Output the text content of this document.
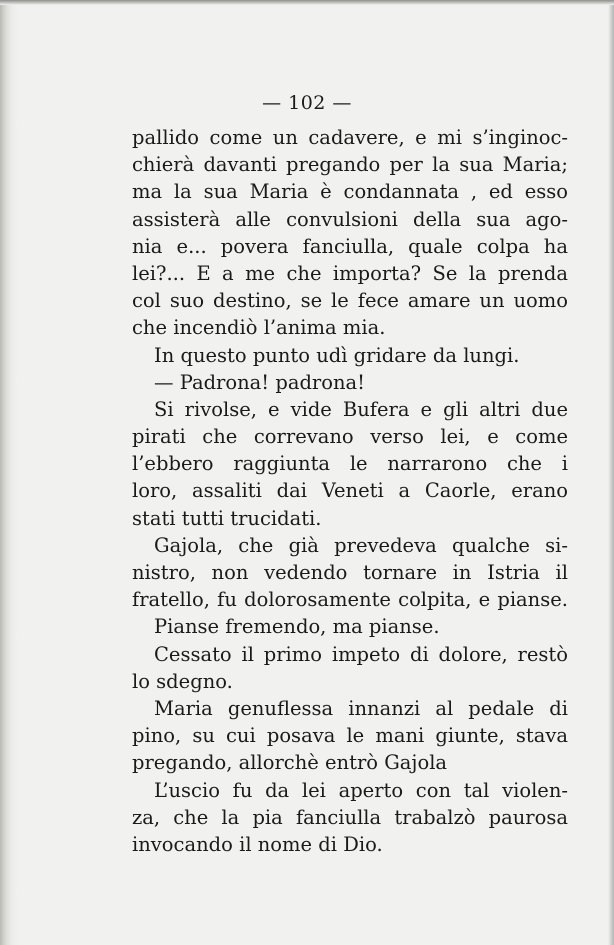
— 102 —
pallido come un cadavere, e mi s’inginoc-
chierà davanti pregando per la sua Maria;
ma la sua Maria è condannata , ed esso
assisterà alle convulsioni della sua ago-
nia e... povera fanciulla, quale colpa ha
lei?... E a me che importa? Se la prenda
col suo destino, se le fece amare un uomo
che incendiò l’anima mia.
In questo punto udì gridare da lungi.
— Padrona! padrona!
Si rivolse, e vide Bufera e gli altri due
pirati che correvano verso lei, e come
l’ebbero raggiunta le narrarono che i
loro, assaliti dai Veneti a Caorle, erano
stati tutti trucidati.
Gajola, che già prevedeva qualche si-
nistro, non vedendo tornare in Istria il
fratello, fu dolorosamente colpita, e pianse.
Pianse fremendo, ma pianse.
Cessato il primo impeto di dolore, restò
lo sdegno.
Maria genuflessa innanzi al pedale di
pino, su cui posava le mani giunte, stava
pregando, allorchè entrò Gajola
L’uscio fu da lei aperto con tal violen-
za, che la pia fanciulla trabalzò paurosa
invocando il nome di Dio.
